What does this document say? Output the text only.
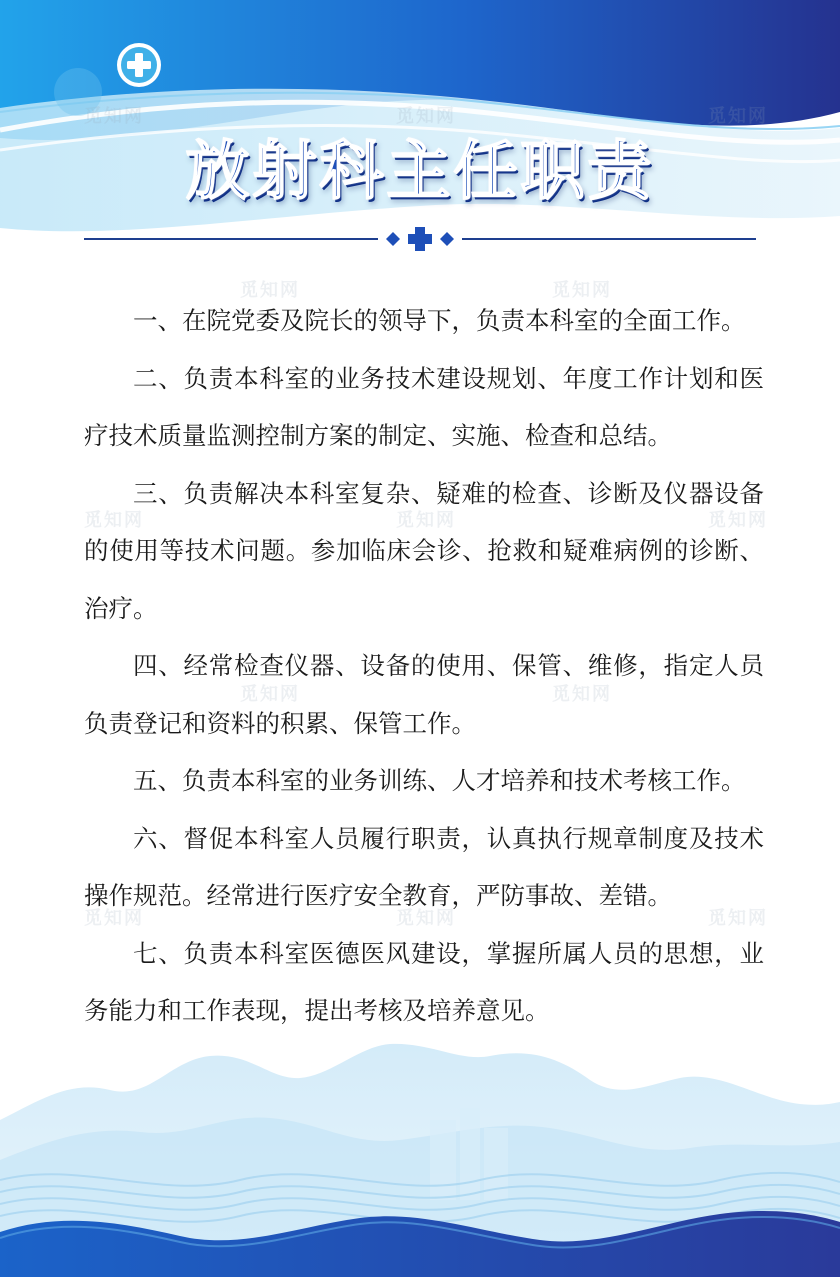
觅知网	觅知网
觅知网	觅知网	觅知网
觅知网	觅知网
觅知网	觅知网	觅知网
放射科主任职责

一、在院党委及院长的领导下，负责本科室的全面工作。

二、负责本科室的业务技术建设规划、年度工作计划和医疗技术质量监测控制方案的制定、实施、检查和总结。

三、负责解决本科室复杂、疑难的检查、诊断及仪器设备的使用等技术问题。参加临床会诊、抢救和疑难病例的诊断、治疗。

四、经常检查仪器、设备的使用、保管、维修，指定人员负责登记和资料的积累、保管工作。

五、负责本科室的业务训练、人才培养和技术考核工作。

六、督促本科室人员履行职责，认真执行规章制度及技术操作规范。经常进行医疗安全教育，严防事故、差错。

七、负责本科室医德医风建设，掌握所属人员的思想，业务能力和工作表现，提出考核及培养意见。
